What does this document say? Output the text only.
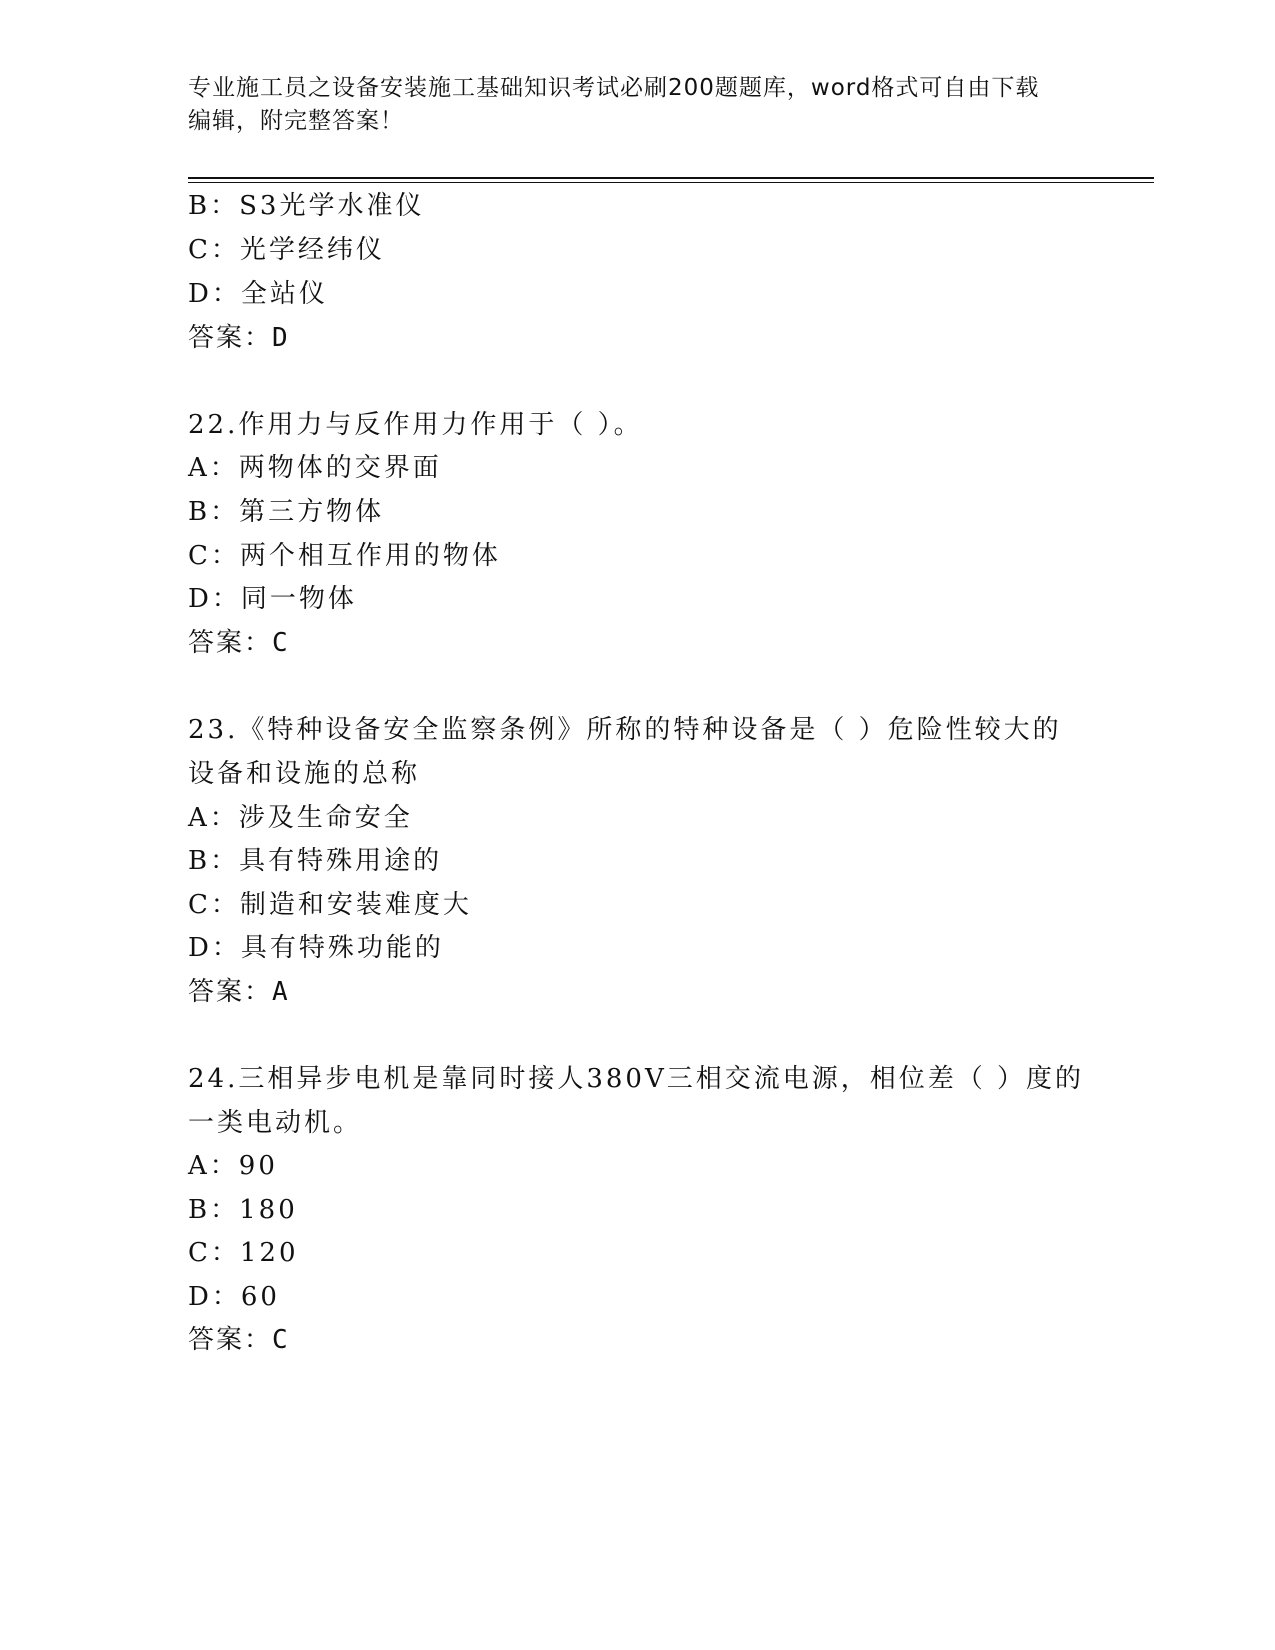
专业施工员之设备安装施工基础知识考试必刷200题题库，word格式可自由下载
编辑，附完整答案！
B：S3光学水准仪
C：光学经纬仪
D：全站仪
答案：D
22.作用力与反作用力作用于（ ）。
A：两物体的交界面
B：第三方物体
C：两个相互作用的物体
D：同一物体
答案：C
23.《特种设备安全监察条例》所称的特种设备是（ ）危险性较大的
设备和设施的总称
A：涉及生命安全
B：具有特殊用途的
C：制造和安装难度大
D：具有特殊功能的
答案：A
24.三相异步电机是靠同时接人380V三相交流电源，相位差（ ）度的
一类电动机。
A：90
B：180
C：120
D：60
答案：C
